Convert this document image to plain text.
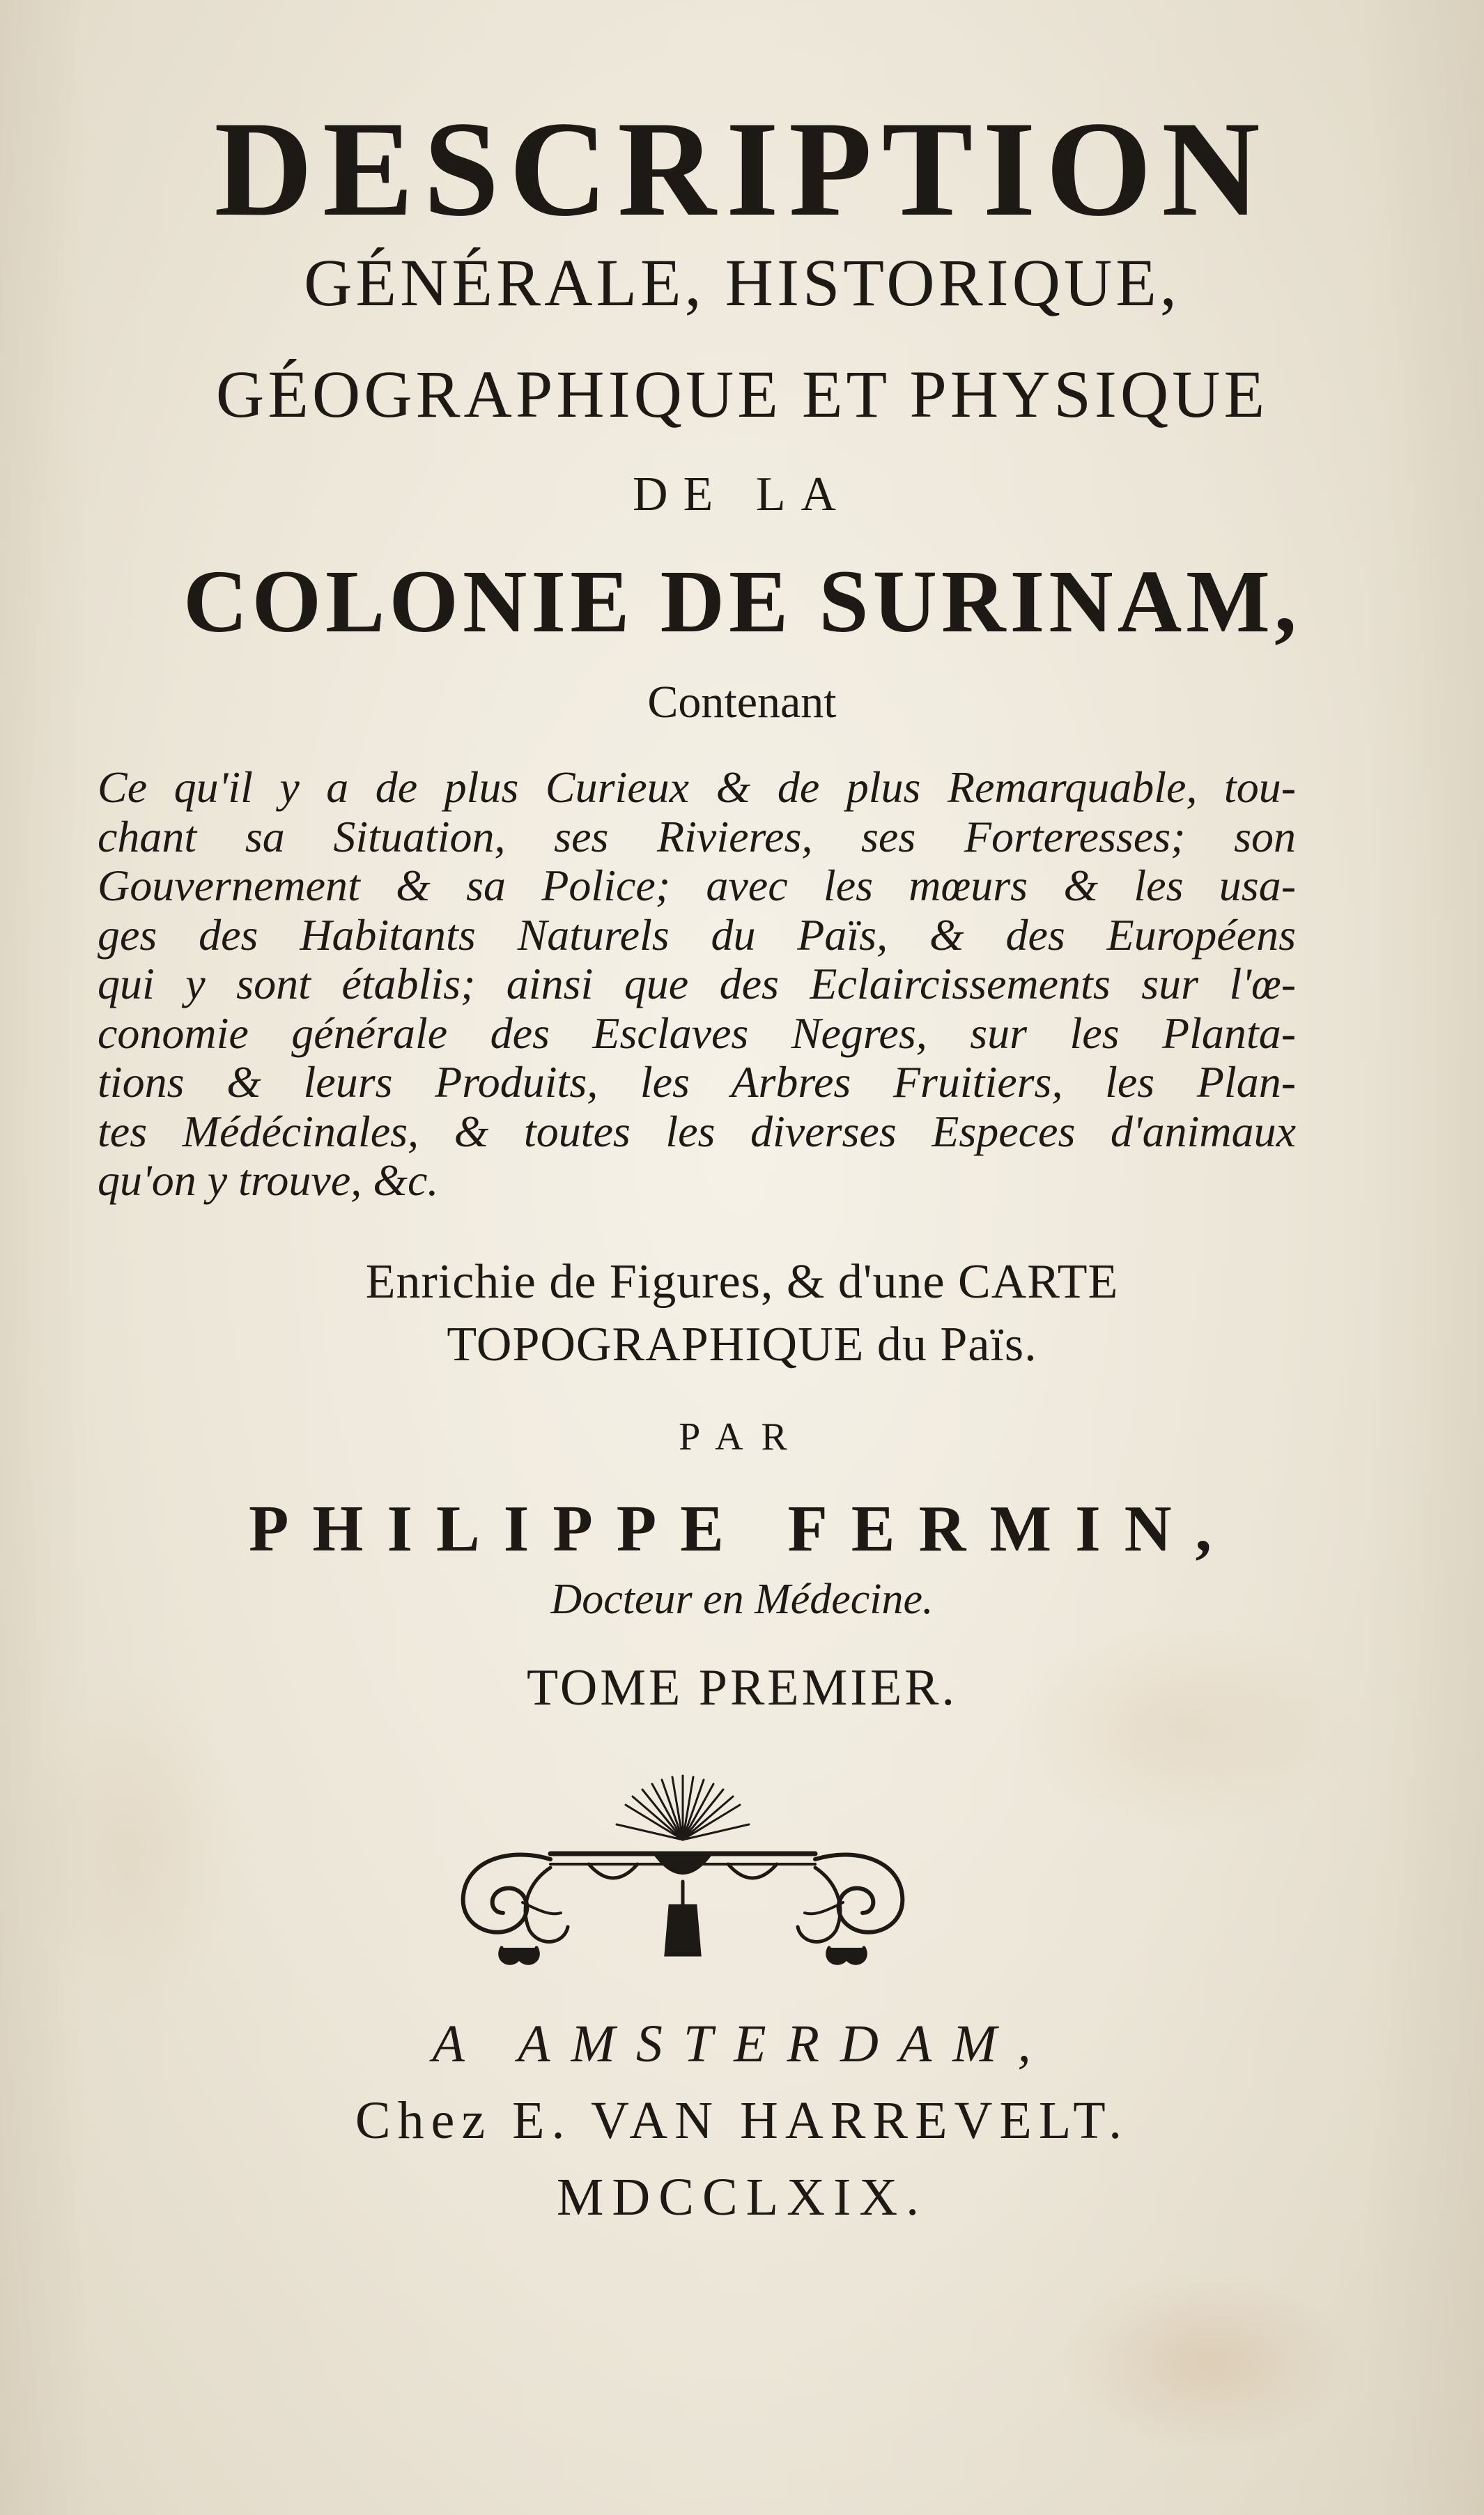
DESCRIPTION
GÉNÉRALE, HISTORIQUE,
GÉOGRAPHIQUE ET PHYSIQUE
DE LA
COLONIE DE SURINAM,
Contenant
Ce qu'il y a de plus Curieux & de plus Remarquable, tou-
chant sa Situation, ses Rivieres, ses Forteresses; son
Gouvernement & sa Police; avec les mœurs & les usa-
ges des Habitants Naturels du Païs, & des Européens
qui y sont établis; ainsi que des Eclaircissements sur l'œ-
conomie générale des Esclaves Negres, sur les Planta-
tions & leurs Produits, les Arbres Fruitiers, les Plan-
tes Médécinales, & toutes les diverses Especes d'animaux
qu'on y trouve, &c.
Enrichie de Figures, & d'une CARTE
TOPOGRAPHIQUE du Païs.
PAR
PHILIPPE FERMIN,
Docteur en Médecine.
TOME PREMIER.
A AMSTERDAM,
Chez E. VAN HARREVELT.
MDCCLXIX.
